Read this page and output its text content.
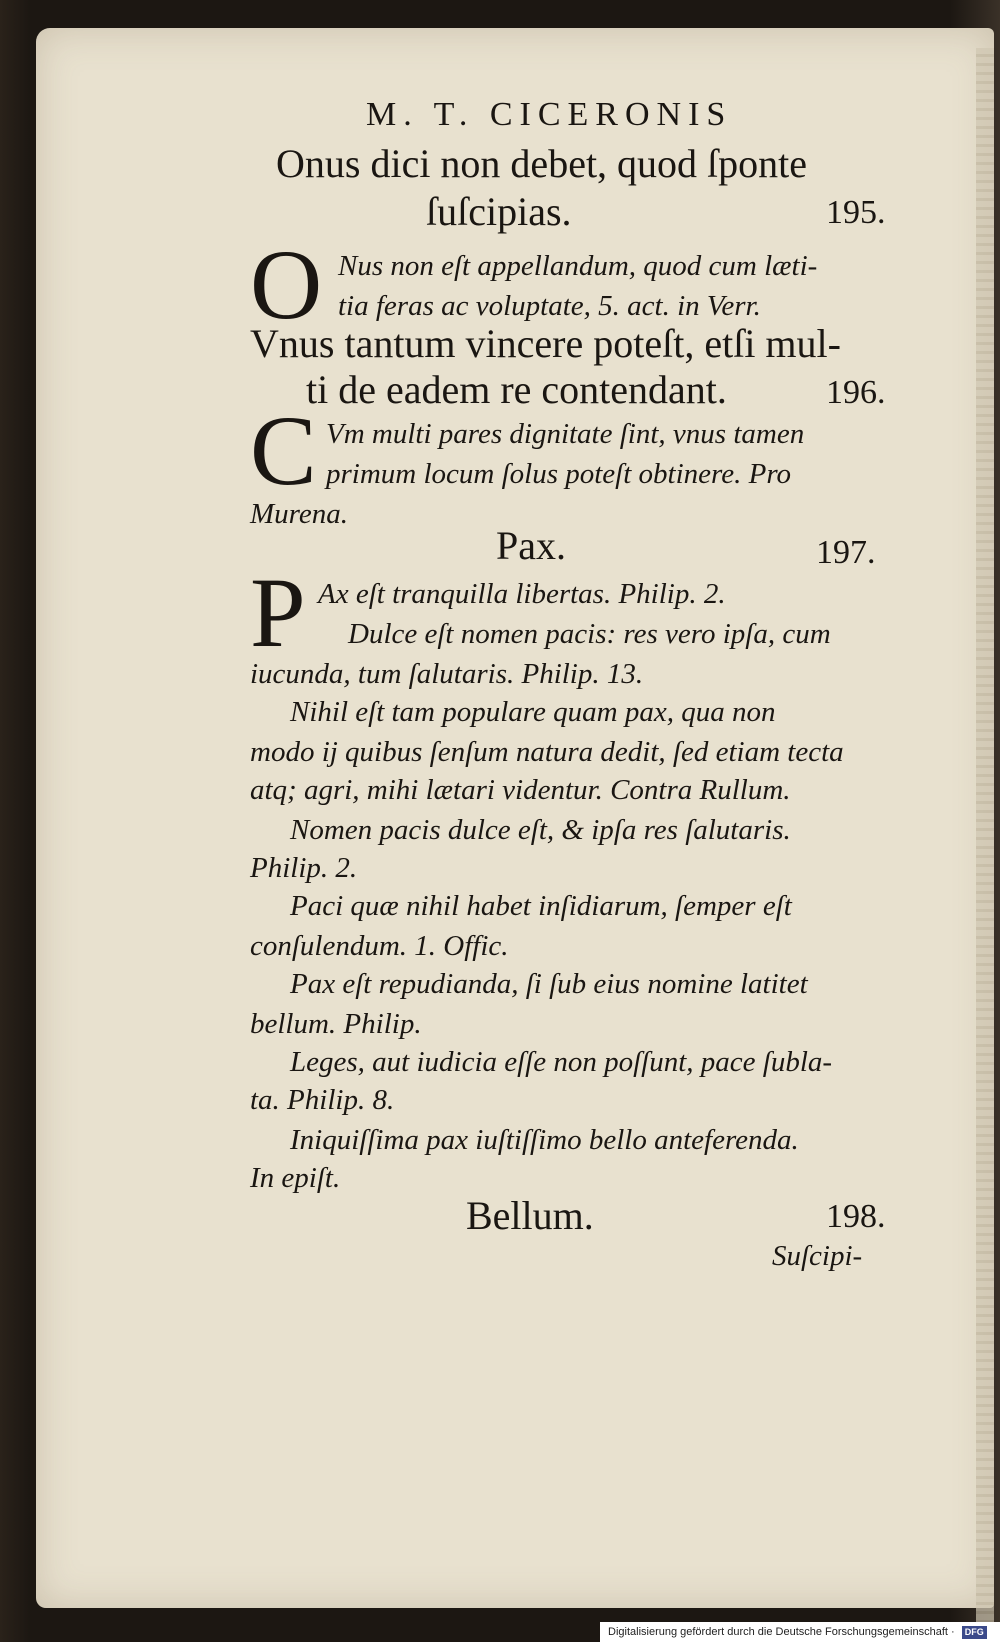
M. T. CICERONIS
Onus dici non debet, quod ſponte
ſuſcipias.	195.
O Nus non eſt appellandum, quod cum læti-
tia feras ac voluptate, 5. act. in Verr.
Vnus tantum vincere poteſt, etſi mul-
ti de eadem re contendant.	196.
C Vm multi pares dignitate ſint, vnus tamen
primum locum ſolus poteſt obtinere. Pro
Murena.
Pax.	197.
P Ax eſt tranquilla libertas. Philip. 2.
Dulce eſt nomen pacis: res vero ipſa, cum
iucunda, tum ſalutaris. Philip. 13.
Nihil eſt tam populare quam pax, qua non
modo ij quibus ſenſum natura dedit, ſed etiam tecta
atq; agri, mihi lætari videntur. Contra Rullum.
Nomen pacis dulce eſt, & ipſa res ſalutaris.
Philip. 2.
Paci quæ nihil habet inſidiarum, ſemper eſt
conſulendum. 1. Offic.
Pax eſt repudianda, ſi ſub eius nomine latitet
bellum. Philip.
Leges, aut iudicia eſſe non poſſunt, pace ſubla-
ta. Philip. 8.
Iniquiſſima pax iuſtiſſimo bello anteferenda.
In epiſt.
Bellum.	198.
Suſcipi-
Digitalisierung gefördert durch die Deutsche Forschungsgemeinschaft · DFG
